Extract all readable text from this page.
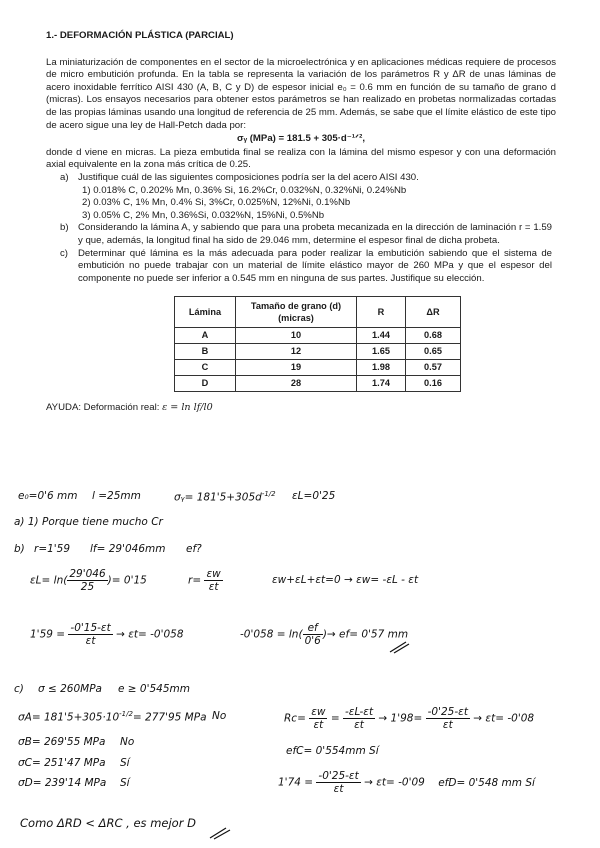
1.- DEFORMACIÓN PLÁSTICA (PARCIAL)

La miniaturización de componentes en el sector de la microelectrónica y en aplicaciones médicas requiere de procesos de micro embutición profunda. En la tabla se representa la variación de los parámetros R y ΔR de unas láminas de acero inoxidable ferrítico AISI 430 (A, B, C y D) de espesor inicial e₀ = 0.6 mm en función de su tamaño de grano d (micras). Los ensayos necesarios para obtener estos parámetros se han realizado en probetas normalizadas cortadas de las propias láminas usando una longitud de referencia de 25 mm. Además, se sabe que el límite elástico de este tipo de acero sigue una ley de Hall-Petch dada por:

σᵧ (MPa) = 181.5 + 305·d⁻¹ᐟ²,

donde d viene en micras. La pieza embutida final se realiza con la lámina del mismo espesor y con una deformación axial equivalente en la zona más crítica de 0.25.

a) Justifique cuál de las siguientes composiciones podría ser la del acero AISI 430.
1) 0.018% C, 0.202% Mn, 0.36% Si, 16.2%Cr, 0.032%N, 0.32%Ni, 0.24%Nb
2) 0.03% C, 1% Mn, 0.4% Si, 3%Cr, 0.025%N, 12%Ni, 0.1%Nb
3) 0.05% C, 2% Mn, 0.36%Si, 0.032%N, 15%Ni, 0.5%Nb
b) Considerando la lámina A, y sabiendo que para una probeta mecanizada en la dirección de laminación r = 1.59 y que, además, la longitud final ha sido de 29.046 mm, determine el espesor final de dicha probeta.
c)	Determinar qué lámina es la más adecuada para poder realizar la embutición sabiendo que el sistema de embutición no puede trabajar con un material de límite elástico mayor de 260 MPa y que el espesor del componente no puede ser inferior a 0.545 mm en ninguna de sus partes. Justifique su elección.
Lámina	Tamaño de grano (d) (micras)	R	ΔR
A	10	1.44	0.68
B	12	1.65	0.65
C	19	1.98	0.57
D	28	1.74	0.16
AYUDA: Deformación real: ε = ln lf/l0
e₀=0'6 mm l =25mm	σᵧ= $181'5+305d^{-1/2}$ εL=0'25
a) 1) Porque tiene mucho Cr
b) r=1'59 lf= 29'046mm ef?
$\varepsilon L= \ln( \frac{29'046}{25}$ )= 0'15	$r= \frac{\varepsilon w}{\varepsilon t}$	εw+εL+εt=0 → εw= -εL - εt
$1'59 = \frac{-0'15-\varepsilon t}{\varepsilon t} \to \varepsilon t= -0'058$	$-0'058 = \ln( \frac{ef}{0'6}$ )→ ef= 0'57 mm
c) σ ≤ 260MPa e ≥ 0'545mm
$\sigma A= 181'5+305\cdot 10^{-1/2}= 277'95$ MPa No
σB= 269'55 MPa No
σC= 251'47 MPa Sí
σD= 239'14 MPa Sí
$Rc= \frac{\varepsilon w}{\varepsilon t} = \frac{-\varepsilon L-\varepsilon t}{\varepsilon t} \to 1'98= \frac{-0'25-\varepsilon t}{\varepsilon t} \to \varepsilon t= -0'08$
efC= 0'554mm Sí
$1'74 = \frac{-0'25-\varepsilon t}{\varepsilon t} \to \varepsilon t= -0'09$ efD= 0'548 mm Sí
Como ΔRD < ΔRC , es mejor D
